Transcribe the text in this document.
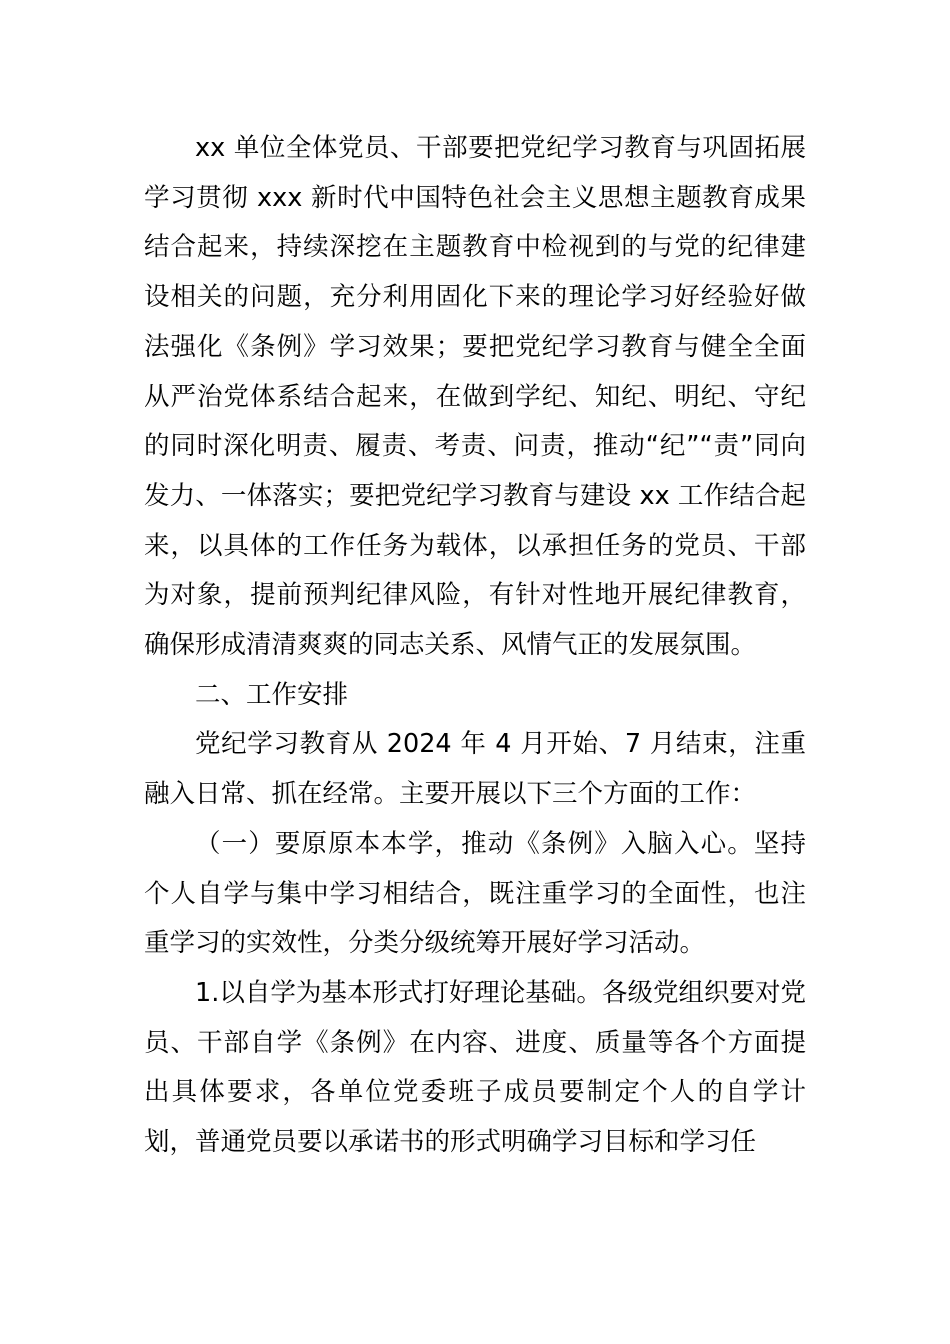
xx 单位全体党员、干部要把党纪学习教育与巩固拓展学习贯彻 xxx 新时代中国特色社会主义思想主题教育成果结合起来，持续深挖在主题教育中检视到的与党的纪律建设相关的问题，充分利用固化下来的理论学习好经验好做法强化《条例》学习效果；要把党纪学习教育与健全全面从严治党体系结合起来，在做到学纪、知纪、明纪、守纪的同时深化明责、履责、考责、问责，推动“纪”“责”同向发力、一体落实；要把党纪学习教育与建设 xx 工作结合起来，以具体的工作任务为载体，以承担任务的党员、干部为对象，提前预判纪律风险，有针对性地开展纪律教育，确保形成清清爽爽的同志关系、风情气正的发展氛围。

二、工作安排

党纪学习教育从 2024 年 4 月开始、7 月结束，注重融入日常、抓在经常。主要开展以下三个方面的工作：

（一）要原原本本学，推动《条例》入脑入心。坚持个人自学与集中学习相结合，既注重学习的全面性，也注重学习的实效性，分类分级统筹开展好学习活动。

1.以自学为基本形式打好理论基础。各级党组织要对党员、干部自学《条例》在内容、进度、质量等各个方面提出具体要求，各单位党委班子成员要制定个人的自学计划，普通党员要以承诺书的形式明确学习目标和学习任
